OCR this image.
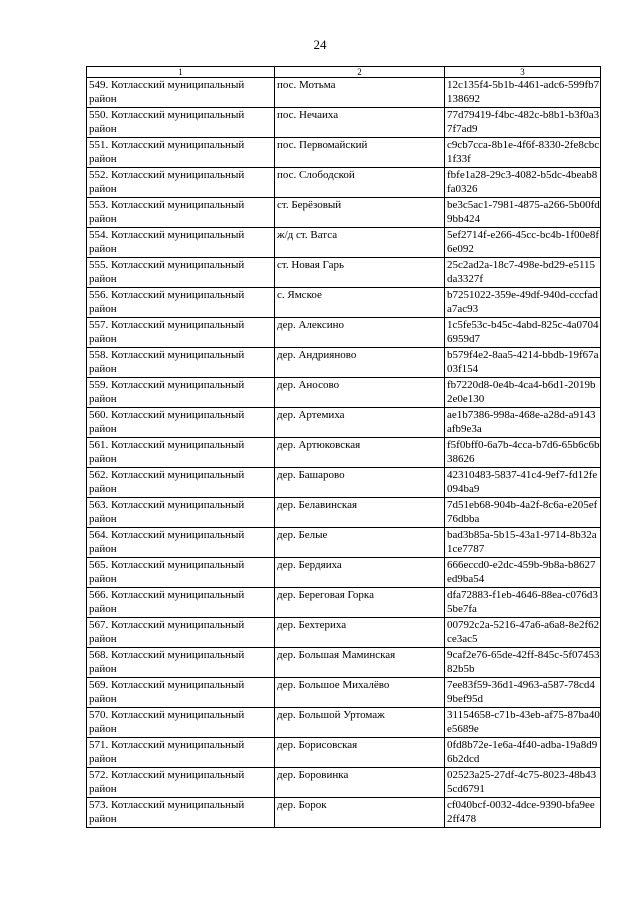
24
1	2	3
549. Котласский муниципальный район	пос. Мотьма	12c135f4-5b1b-4461-adc6-599fb7138692
550. Котласский муниципальный район	пос. Нечаиха	77d79419-f4bc-482c-b8b1-b3f0a37f7ad9
551. Котласский муниципальный район	пос. Первомайский	c9cb7cca-8b1e-4f6f-8330-2fe8cbc1f33f
552. Котласский муниципальный район	пос. Слободской	fbfe1a28-29c3-4082-b5dc-4beab8fa0326
553. Котласский муниципальный район	ст. Берёзовый	be3c5ac1-7981-4875-a266-5b00fd9bb424
554. Котласский муниципальный район	ж/д ст. Ватса	5ef2714f-e266-45cc-bc4b-1f00e8f6e092
555. Котласский муниципальный район	ст. Новая Гарь	25c2ad2a-18c7-498e-bd29-e5115da3327f
556. Котласский муниципальный район	с. Ямское	b7251022-359e-49df-940d-cccfada7ac93
557. Котласский муниципальный район	дер. Алексино	1c5fe53c-b45c-4abd-825c-4a07046959d7
558. Котласский муниципальный район	дер. Андрияново	b579f4e2-8aa5-4214-bbdb-19f67a03f154
559. Котласский муниципальный район	дер. Аносово	fb7220d8-0e4b-4ca4-b6d1-2019b2e0e130
560. Котласский муниципальный район	дер. Артемиха	ae1b7386-998a-468e-a28d-a9143afb9e3a
561. Котласский муниципальный район	дер. Артюковская	f5f0bff0-6a7b-4cca-b7d6-65b6c6b38626
562. Котласский муниципальный район	дер. Башарово	42310483-5837-41c4-9ef7-fd12fe094ba9
563. Котласский муниципальный район	дер. Белавинская	7d51eb68-904b-4a2f-8c6a-e205ef76dbba
564. Котласский муниципальный район	дер. Белые	bad3b85a-5b15-43a1-9714-8b32a1ce7787
565. Котласский муниципальный район	дер. Бердяиха	666eccd0-e2dc-459b-9b8a-b8627ed9ba54
566. Котласский муниципальный район	дер. Береговая Горка	dfa72883-f1eb-4646-88ea-c076d35be7fa
567. Котласский муниципальный район	дер. Бехтериха	00792c2a-5216-47a6-a6a8-8e2f62ce3ac5
568. Котласский муниципальный район	дер. Большая Маминская	9caf2e76-65de-42ff-845c-5f0745382b5b
569. Котласский муниципальный район	дер. Большое Михалёво	7ee83f59-36d1-4963-a587-78cd49bef95d
570. Котласский муниципальный район	дер. Большой Уртомаж	31154658-c71b-43eb-af75-87ba40e5689e
571. Котласский муниципальный район	дер. Борисовская	0fd8b72e-1e6a-4f40-adba-19a8d96b2dcd
572. Котласский муниципальный район	дер. Боровинка	02523a25-27df-4c75-8023-48b435cd6791
573. Котласский муниципальный район	дер. Борок	cf040bcf-0032-4dce-9390-bfa9ee2ff478
